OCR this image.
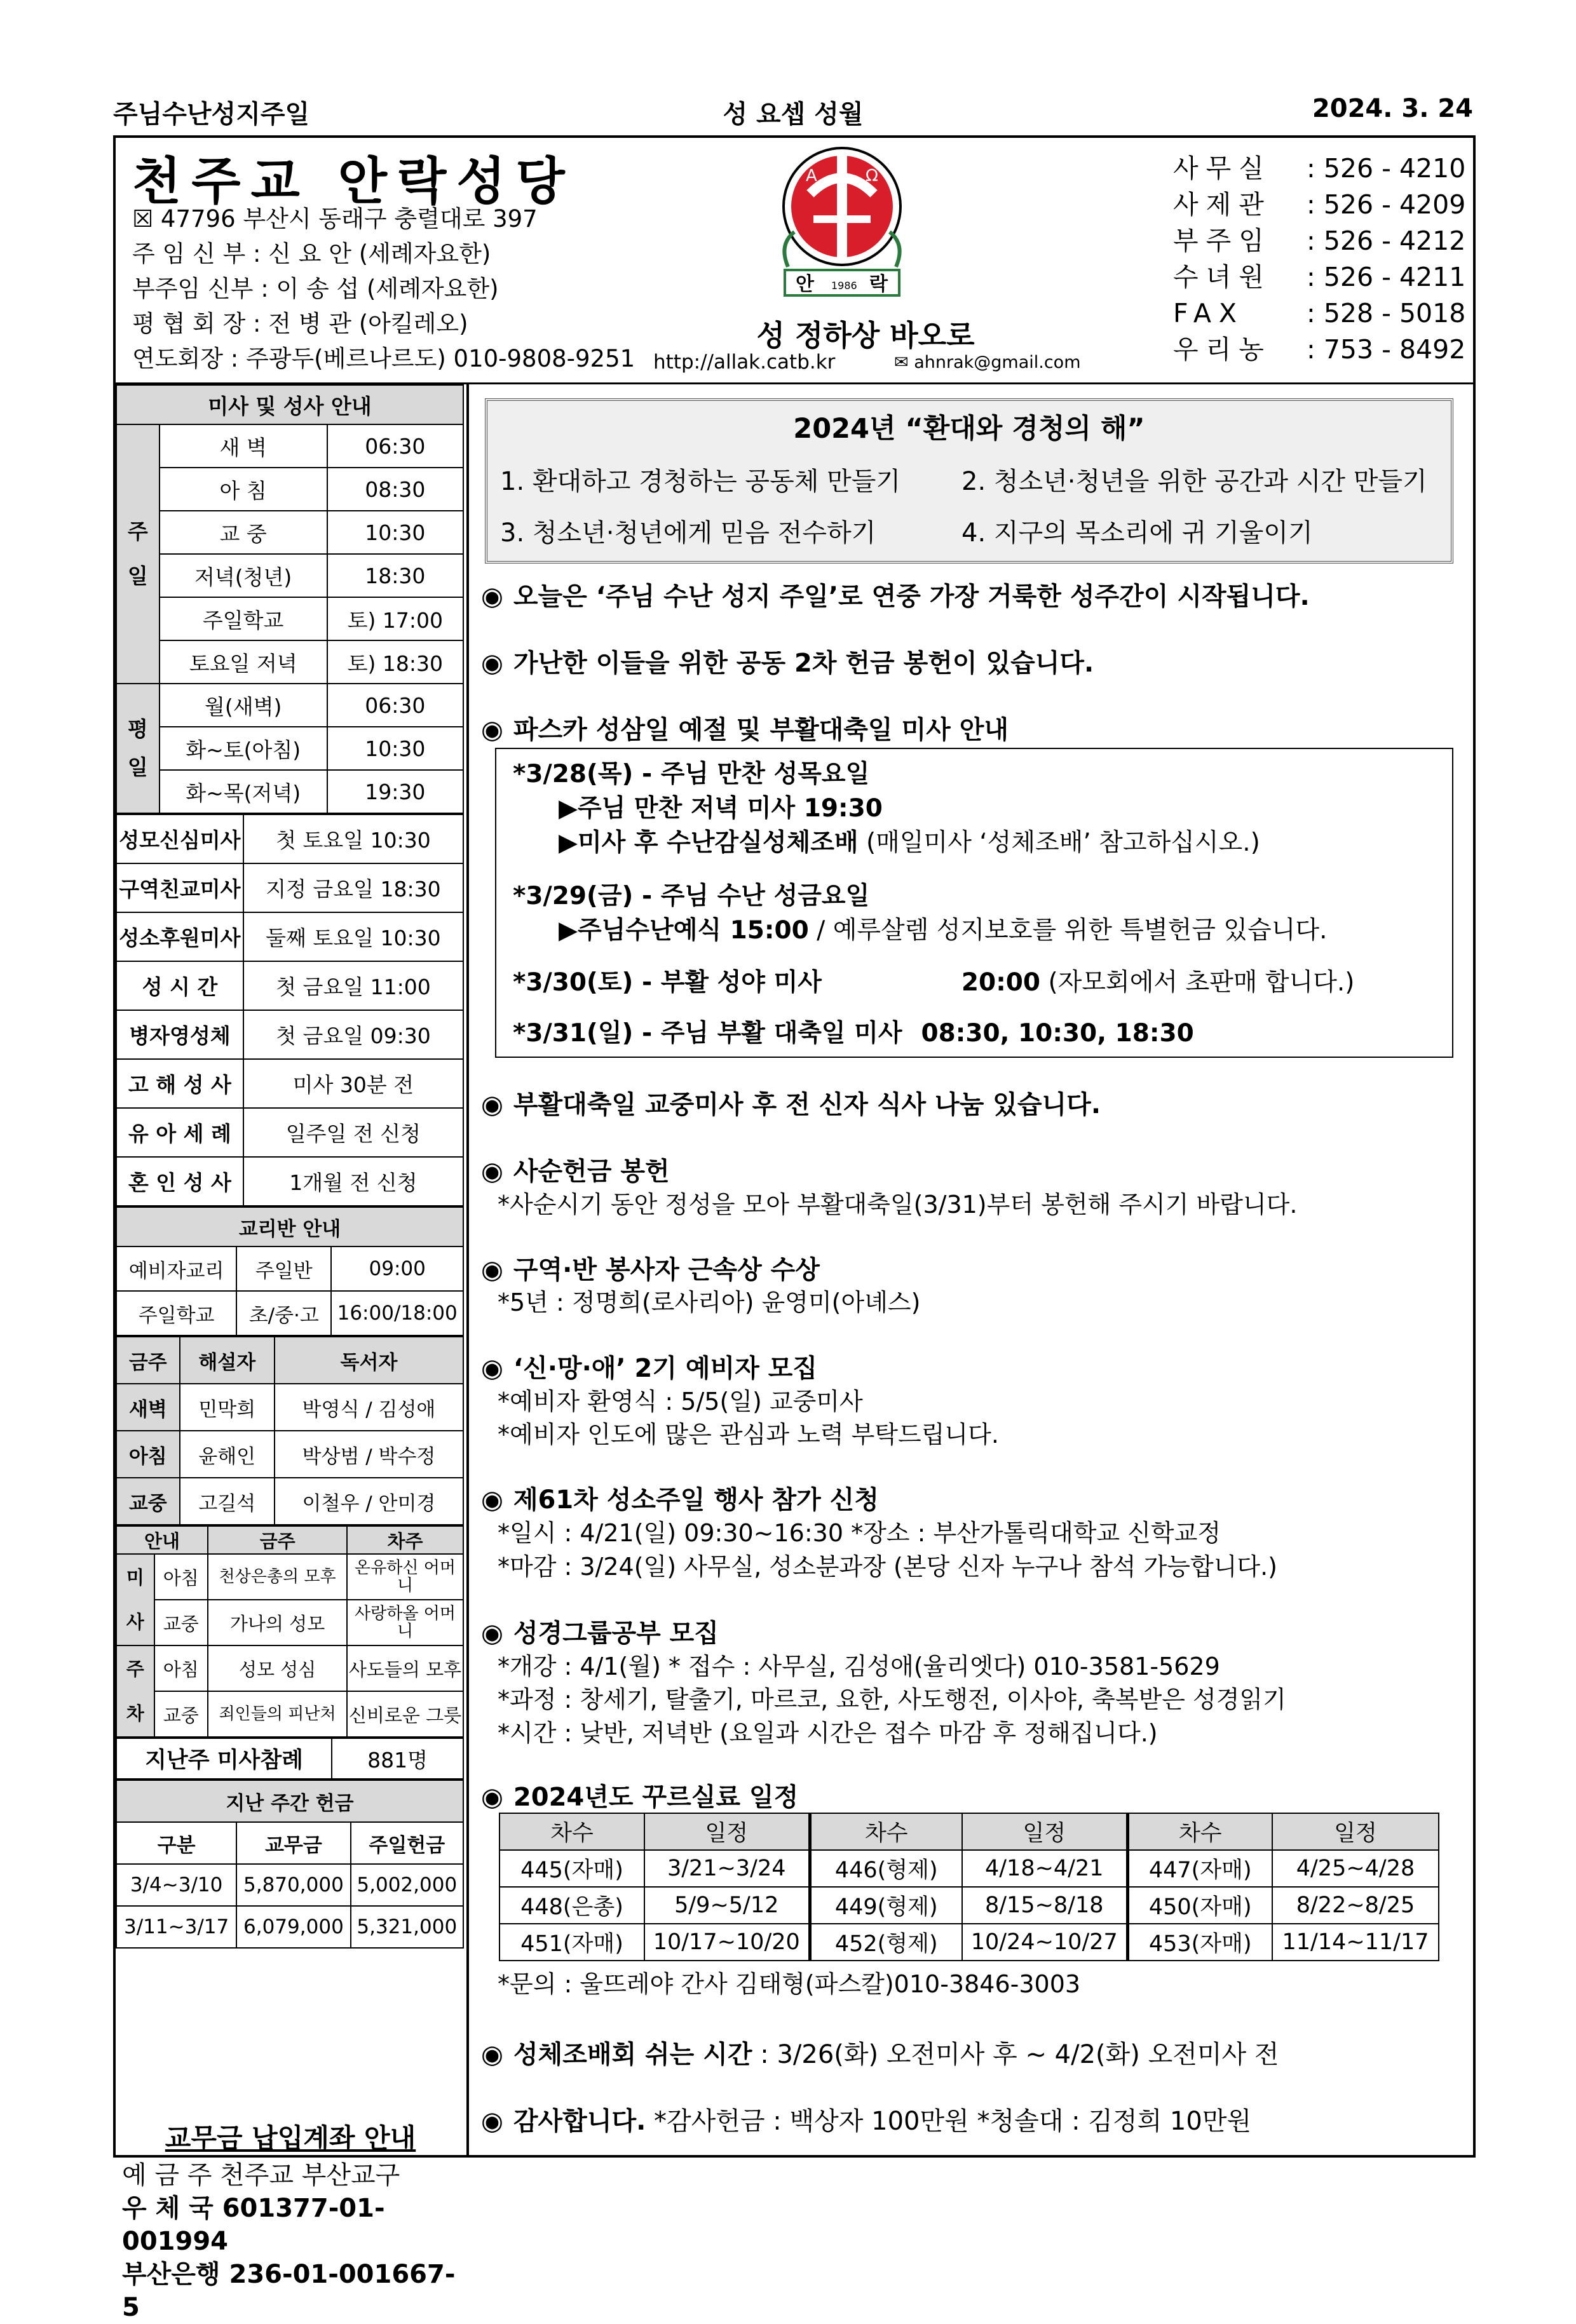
주님수난성지주일	성 요셉 성월	2024. 3. 24
천주교 안락성당
☒ 47796 부산시 동래구 충렬대로 397
주 임 신 부 : 신 요 안 (세례자요한)
부주임 신부 : 이 송 섭 (세례자요한)
평 협 회 장 : 전 병 관 (아킬레오)
연도회장 : 주광두(베르나르도) 010-9808-9251
A	Ω
안 1986 락
성 정하상 바오로
http://allak.catb.kr	✉ ahnrak@gmail.com
사무실	: 526 - 4210
사제관	: 526 - 4209
부주임	: 526 - 4212
수녀원	: 526 - 4211
FAX	: 528 - 5018
우리농	: 753 - 8492
미사 및 성사 안내		
주
일	새 벽	06:30
	아 침	08:30
	교 중	10:30
	저녁(청년)	18:30
	주일학교	토) 17:00
	토요일 저녁	토) 18:30
평
일	월(새벽)	06:30
	화~토(아침)	10:30
	화~목(저녁)	19:30
성모신심미사	첫 토요일 10:30
구역친교미사	지정 금요일 18:30
성소후원미사	둘째 토요일 10:30
성 시 간	첫 금요일 11:00
병자영성체	첫 금요일 09:30
고 해 성 사	미사 30분 전
유 아 세 례	일주일 전 신청
혼 인 성 사	1개월 전 신청
교리반 안내		
예비자교리	주일반	09:00
주일학교	초/중·고	16:00/18:00
금주	해설자	독서자
새벽	민막희	박영식 / 김성애
아침	윤해인	박상범 / 박수정
교중	고길석	이철우 / 안미경
안내		금주	차주
미
사	아침	천상은총의 모후	온유하신 어머니
	교중	가나의 성모	사랑하올 어머니
주
차	아침	성모 성심	사도들의 모후
	교중	죄인들의 피난처	신비로운 그릇
지난주 미사참례	881명
지난 주간 헌금		
구분	교무금	주일헌금
3/4~3/10	5,870,000	5,002,000
3/11~3/17	6,079,000	5,321,000
교무금 납입계좌 안내
예 금 주 천주교 부산교구
우 체 국 601377-01-001994
부산은행 236-01-001667-5
2024년 “환대와 경청의 해”
1. 환대하고 경청하는 공동체 만들기 2. 청소년·청년을 위한 공간과 시간 만들기
3. 청소년·청년에게 믿음 전수하기	4. 지구의 목소리에 귀 기울이기
◉ 오늘은 ‘주님 수난 성지 주일’로 연중 가장 거룩한 성주간이 시작됩니다.
◉ 가난한 이들을 위한 공동 2차 헌금 봉헌이 있습니다.
◉ 파스카 성삼일 예절 및 부활대축일 미사 안내
*3/28(목) - 주님 만찬 성목요일
▶주님 만찬 저녁 미사 19:30
▶미사 후 수난감실성체조배 (매일미사 ‘성체조배’ 참고하십시오.)
*3/29(금) - 주님 수난 성금요일
▶주님수난예식 15:00 / 예루살렘 성지보호를 위한 특별헌금 있습니다.
*3/30(토) - 부활 성야 미사	20:00 (자모회에서 초판매 합니다.)
*3/31(일) - 주님 부활 대축일 미사 08:30, 10:30, 18:30
◉ 부활대축일 교중미사 후 전 신자 식사 나눔 있습니다.
◉ 사순헌금 봉헌
*사순시기 동안 정성을 모아 부활대축일(3/31)부터 봉헌해 주시기 바랍니다.
◉ 구역·반 봉사자 근속상 수상
*5년 : 정명희(로사리아) 윤영미(아녜스)
◉ ‘신·망·애’ 2기 예비자 모집
*예비자 환영식 : 5/5(일) 교중미사
*예비자 인도에 많은 관심과 노력 부탁드립니다.
◉ 제61차 성소주일 행사 참가 신청
*일시 : 4/21(일) 09:30~16:30 *장소 : 부산가톨릭대학교 신학교정
*마감 : 3/24(일) 사무실, 성소분과장 (본당 신자 누구나 참석 가능합니다.)
◉ 성경그룹공부 모집
*개강 : 4/1(월) * 접수 : 사무실, 김성애(율리엣다) 010-3581-5629
*과정 : 창세기, 탈출기, 마르코, 요한, 사도행전, 이사야, 축복받은 성경읽기
*시간 : 낮반, 저녁반 (요일과 시간은 접수 마감 후 정해집니다.)
◉ 2024년도 꾸르실료 일정
차수	일정	차수	일정	차수	일정
445(자매)	3/21~3/24	446(형제)	4/18~4/21	447(자매)	4/25~4/28
448(은총)	5/9~5/12	449(형제)	8/15~8/18	450(자매)	8/22~8/25
451(자매)	10/17~10/20	452(형제)	10/24~10/27	453(자매)	11/14~11/17
*문의 : 울뜨레야 간사 김태형(파스칼)010-3846-3003
◉ 성체조배회 쉬는 시간 : 3/26(화) 오전미사 후 ~ 4/2(화) 오전미사 전
◉ 감사합니다. *감사헌금 : 백상자 100만원 *청솔대 : 김정희 10만원
